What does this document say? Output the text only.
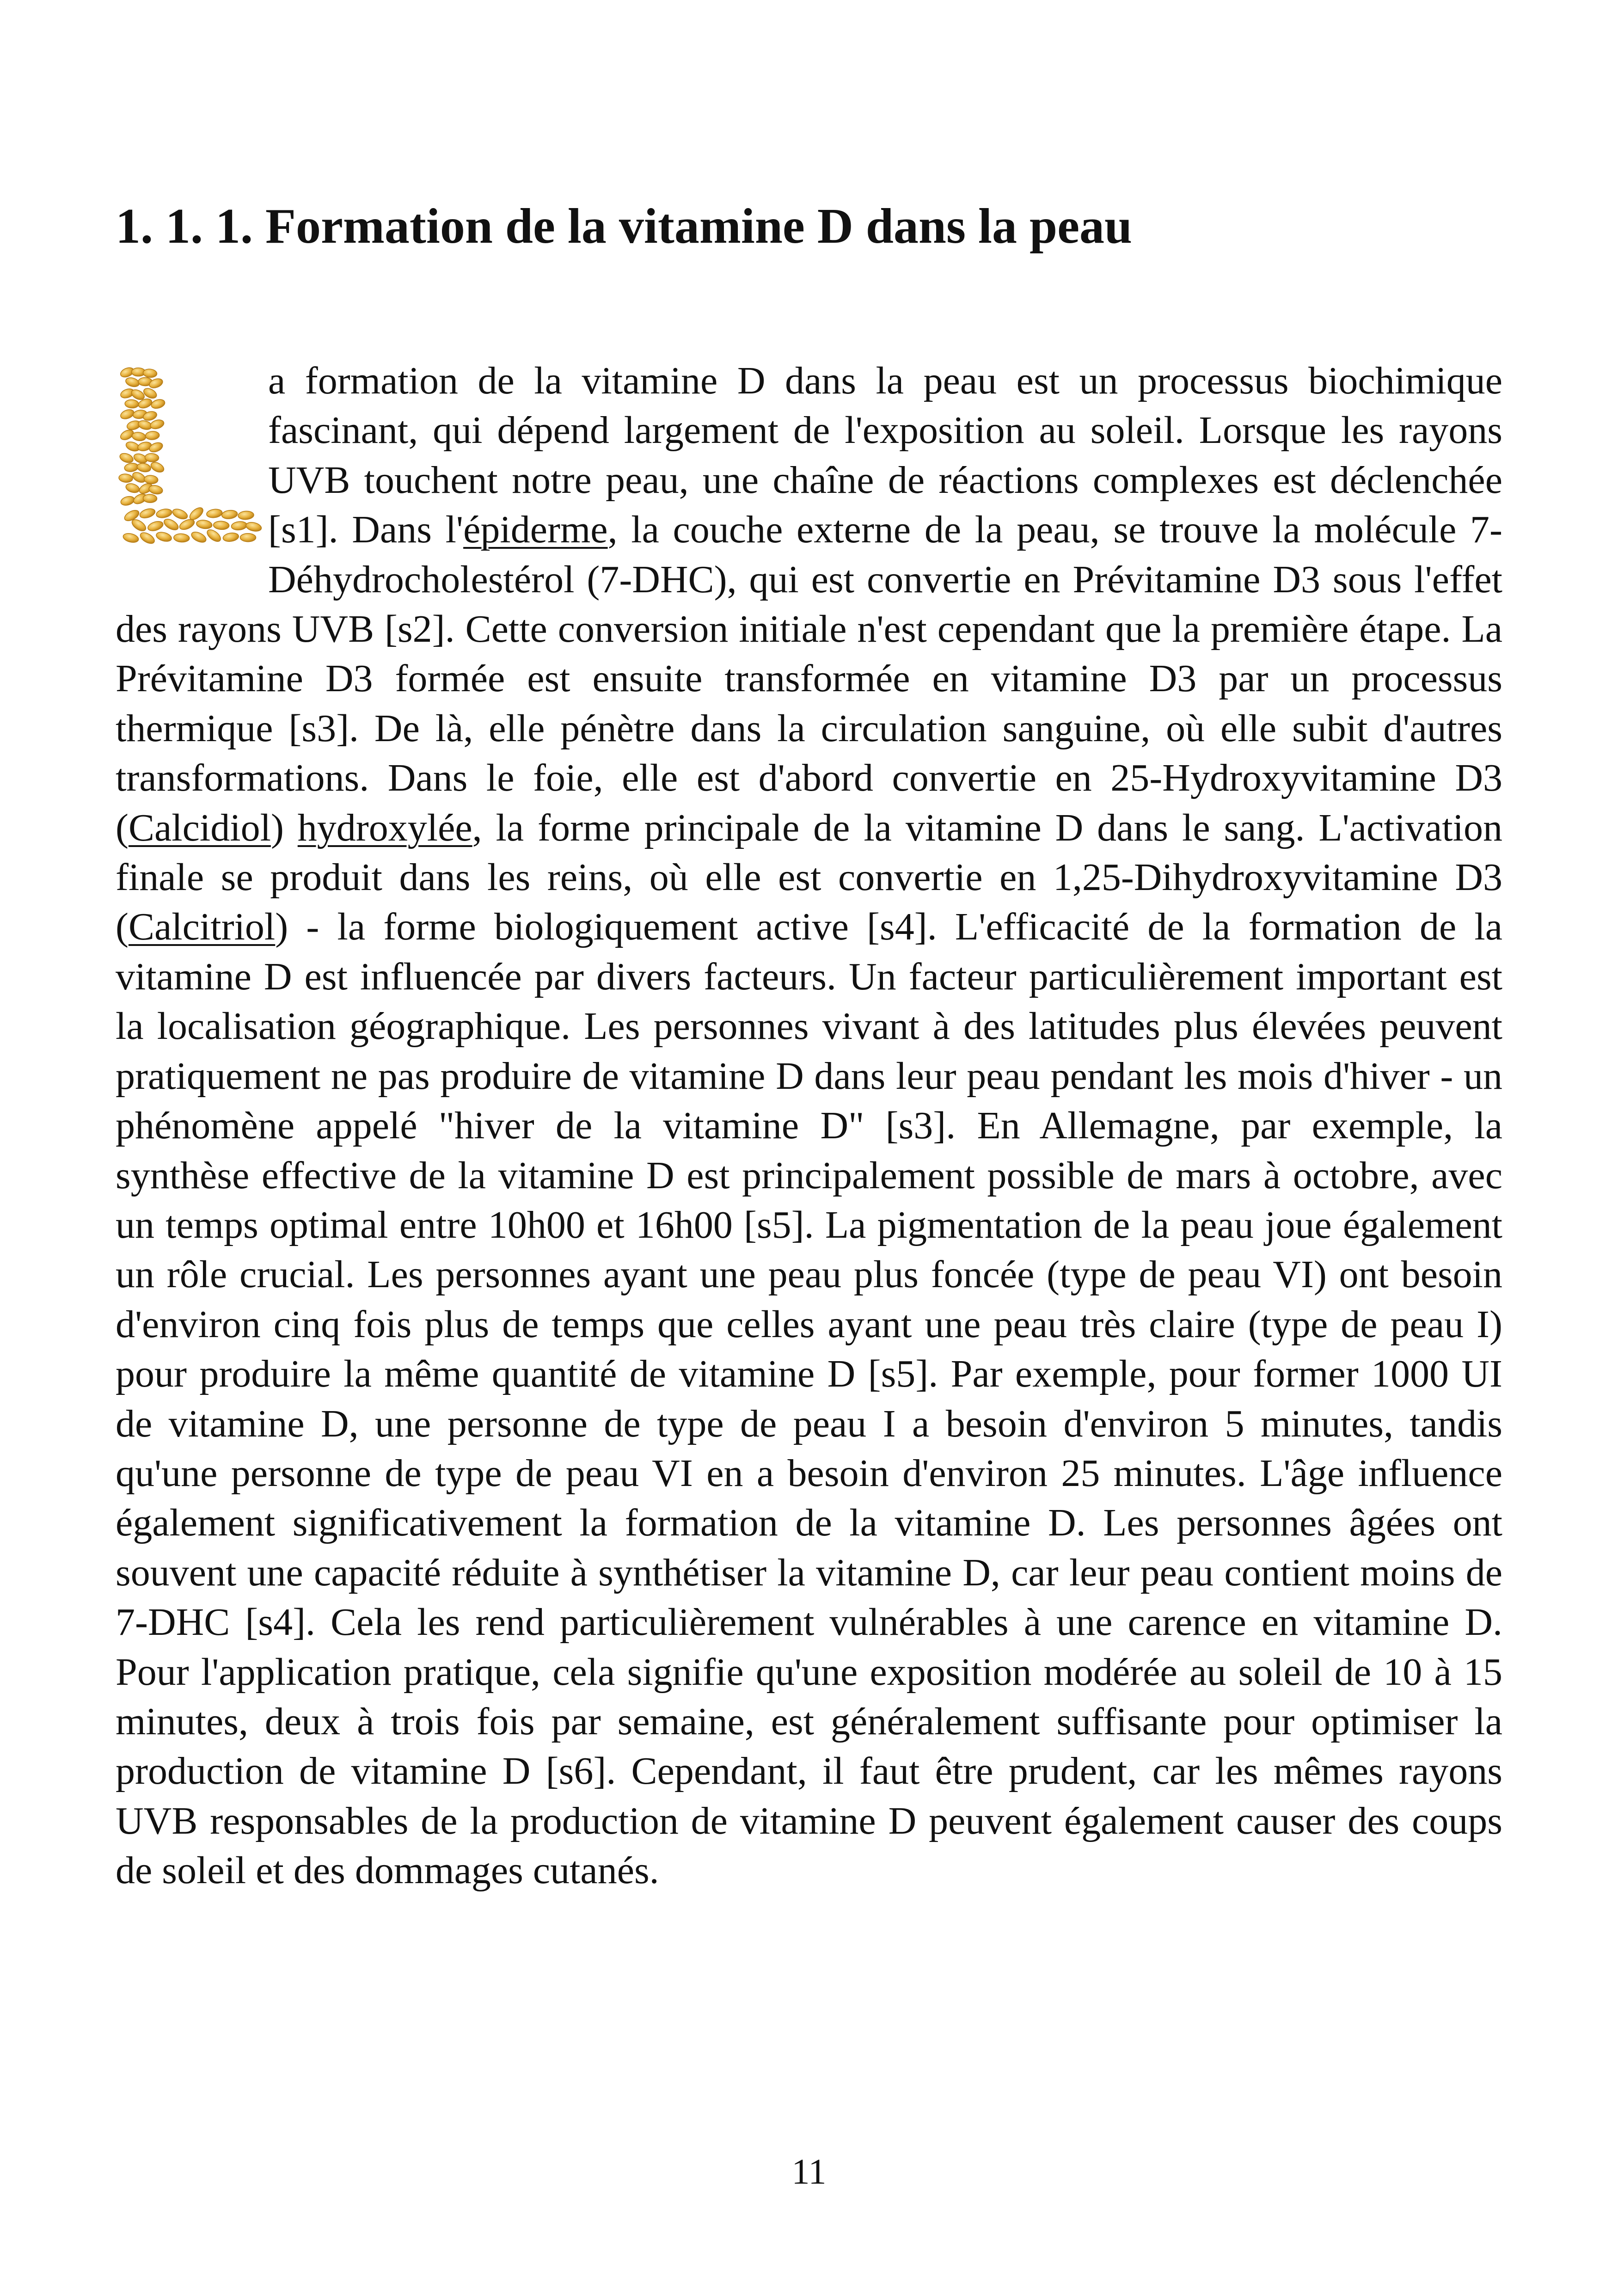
1. 1. 1. Formation de la vitamine D dans la peau

a formation de la vitamine D dans la peau est un processus biochimique fascinant, qui dépend largement de l'exposition au soleil. Lorsque les rayons UVB touchent notre peau, une chaîne de réactions complexes est déclenchée [s1]. Dans l'épiderme, la couche externe de la peau, se trouve la molécule 7-Déhydrocholestérol (7-DHC), qui est convertie en Prévitamine D3 sous l'effet des rayons UVB [s2]. Cette conversion initiale n'est cependant que la première étape. La Prévitamine D3 formée est ensuite transformée en vitamine D3 par un processus thermique [s3]. De là, elle pénètre dans la circulation sanguine, où elle subit d'autres transformations. Dans le foie, elle est d'abord convertie en 25-Hydroxyvitamine D3 (Calcidiol) hydroxylée, la forme principale de la vitamine D dans le sang. L'activation finale se produit dans les reins, où elle est convertie en 1,25-Dihydroxyvitamine D3 (Calcitriol) - la forme biologiquement active [s4]. L'efficacité de la formation de la vitamine D est influencée par divers facteurs. Un facteur particulièrement important est la localisation géographique. Les personnes vivant à des latitudes plus élevées peuvent pratiquement ne pas produire de vitamine D dans leur peau pendant les mois d'hiver - un phénomène appelé "hiver de la vitamine D" [s3]. En Allemagne, par exemple, la synthèse effective de la vitamine D est principalement possible de mars à octobre, avec un temps optimal entre 10h00 et 16h00 [s5]. La pigmentation de la peau joue également un rôle crucial. Les personnes ayant une peau plus foncée (type de peau VI) ont besoin d'environ cinq fois plus de temps que celles ayant une peau très claire (type de peau I) pour produire la même quantité de vitamine D [s5]. Par exemple, pour former 1000 UI de vitamine D, une personne de type de peau I a besoin d'environ 5 minutes, tandis qu'une personne de type de peau VI en a besoin d'environ 25 minutes. L'âge influence également significativement la formation de la vitamine D. Les personnes âgées ont souvent une capacité réduite à synthétiser la vitamine D, car leur peau contient moins de 7-DHC [s4]. Cela les rend particulièrement vulnérables à une carence en vitamine D. Pour l'application pratique, cela signifie qu'une exposition modérée au soleil de 10 à 15 minutes, deux à trois fois par semaine, est généralement suffisante pour optimiser la production de vitamine D [s6]. Cependant, il faut être prudent, car les mêmes rayons UVB responsables de la production de vitamine D peuvent également causer des coups de soleil et des dommages cutanés.

11
